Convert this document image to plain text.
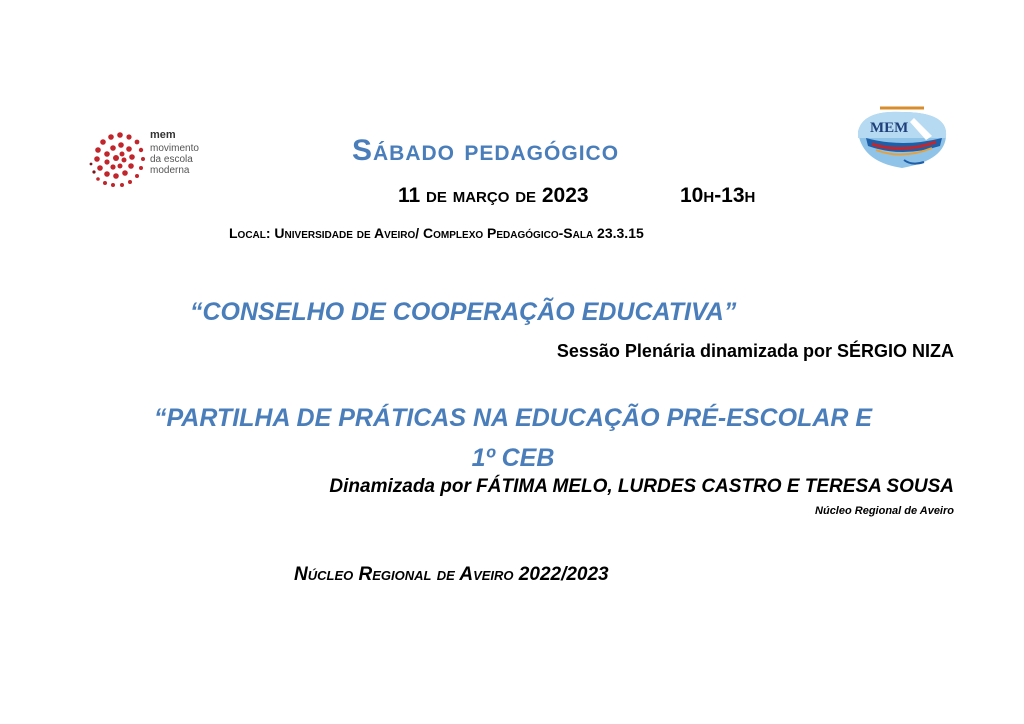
mem
movimento
da escola
moderna
MEM
Sábado pedagógico
11 de março de 2023	10h-13h
Local: Universidade de Aveiro/ Complexo Pedagógico-Sala 23.3.15
“CONSELHO DE COOPERAÇÃO EDUCATIVA”
Sessão Plenária dinamizada por SÉRGIO NIZA
“PARTILHA DE PRÁTICAS NA EDUCAÇÃO PRÉ-ESCOLAR E
1º CEB
Dinamizada por FÁTIMA MELO, LURDES CASTRO E TERESA SOUSA
Núcleo Regional de Aveiro
Núcleo Regional de Aveiro 2022/2023
